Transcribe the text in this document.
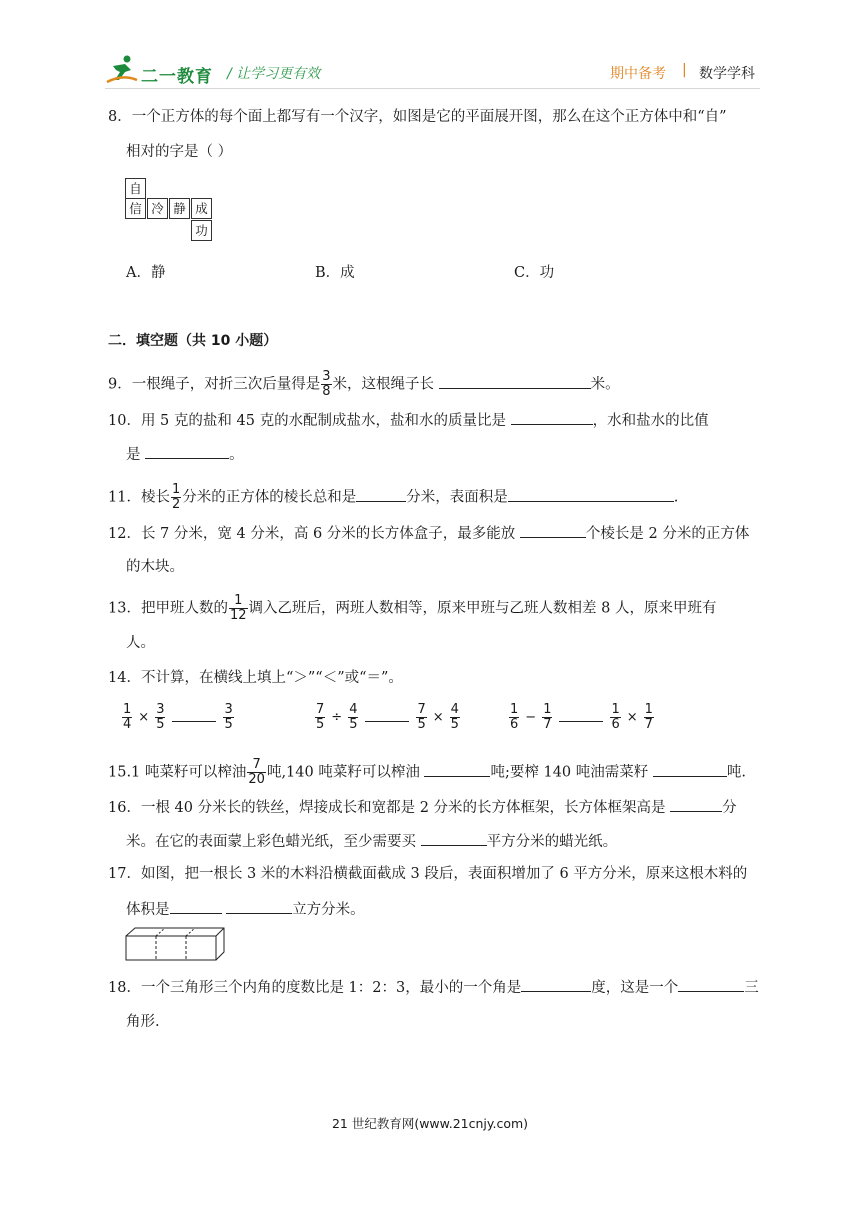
二一教育 / 让学习更有效	期中备考 | 数学学科
8．一个正方体的每个面上都写有一个汉字，如图是它的平面展开图，那么在这个正方体中和“自”
相对的字是（ ）
自
信 冷 静 成
功
A．静	B．成	C．功
二．填空题（共 10 小题）
9．一根绳子，对折三次后量得是 $\frac{3}{8}$ 米，这根绳子长	米。
10．用 5 克的盐和 45 克的水配制成盐水，盐和水的质量比是	，水和盐水的比值
是	。
11．棱长 $\frac{1}{2}$ 分米的正方体的棱长总和是	分米，表面积是	.
12．长 7 分米，宽 4 分米，高 6 分米的长方体盒子，最多能放	个棱长是 2 分米的正方体
的木块。
13．把甲班人数的 $\frac{1}{12}$ 调入乙班后，两班人数相等，原来甲班与乙班人数相差 8 人，原来甲班有
人。
14．不计算，在横线上填上“＞”“＜”或“＝”。
$\frac{1}{4} \times \frac{3}{5}$	$\frac{3}{5}$	$\frac{7}{5} \div \frac{4}{5}$	$\frac{7}{5} \times \frac{4}{5}$	$\frac{1}{6} - \frac{1}{7}$	$\frac{1}{6} \times \frac{1}{7}$
15.1 吨菜籽可以榨油 $\frac{7}{20}$ 吨,140 吨菜籽可以榨油	吨;要榨 140 吨油需菜籽	吨.
16．一根 40 分米长的铁丝，焊接成长和宽都是 2 分米的长方体框架，长方体框架高是	分
米。在它的表面蒙上彩色蜡光纸，至少需要买	平方分米的蜡光纸。
17．如图，把一根长 3 米的木料沿横截面截成 3 段后，表面积增加了 6 平方分米，原来这根木料的
体积是	立方分米。
18．一个三角形三个内角的度数比是 1：2：3，最小的一个角是	度，这是一个	三
角形.
21 世纪教育网(www.21cnjy.com)
